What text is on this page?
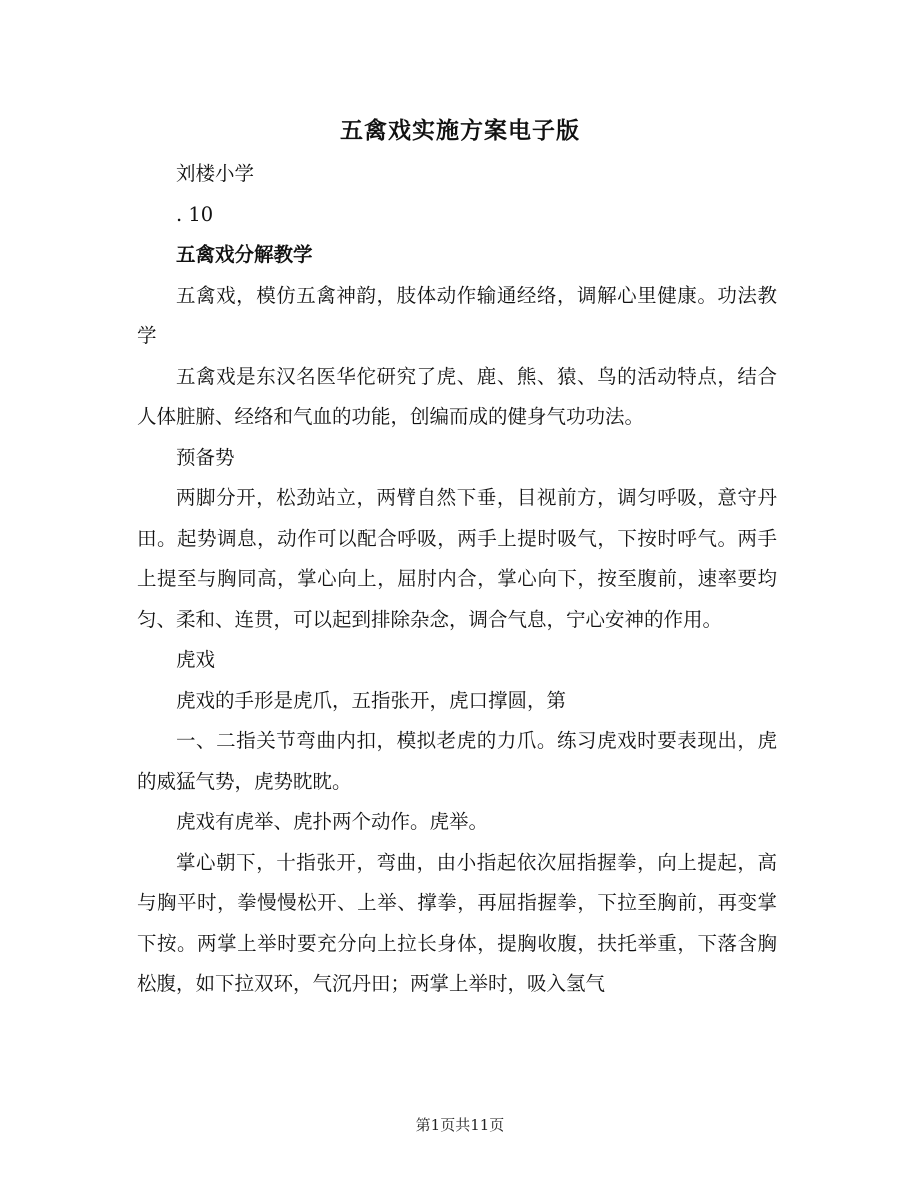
五禽戏实施方案电子版

刘楼小学

. 10

五禽戏分解教学

五禽戏，模仿五禽神韵，肢体动作输通经络，调解心里健康。功法教学

五禽戏是东汉名医华佗研究了虎、鹿、熊、猿、鸟的活动特点，结合人体脏腑、经络和气血的功能，创编而成的健身气功功法。

预备势

两脚分开，松劲站立，两臂自然下垂，目视前方，调匀呼吸，意守丹田。起势调息，动作可以配合呼吸，两手上提时吸气，下按时呼气。两手上提至与胸同高，掌心向上，屈肘内合，掌心向下，按至腹前，速率要均匀、柔和、连贯，可以起到排除杂念，调合气息，宁心安神的作用。

虎戏

虎戏的手形是虎爪，五指张开，虎口撑圆，第

一、二指关节弯曲内扣，模拟老虎的力爪。练习虎戏时要表现出，虎的威猛气势，虎势眈眈。

虎戏有虎举、虎扑两个动作。虎举。

掌心朝下，十指张开，弯曲，由小指起依次屈指握拳，向上提起，高与胸平时，拳慢慢松开、上举、撑拳，再屈指握拳，下拉至胸前，再变掌下按。两掌上举时要充分向上拉长身体，提胸收腹，扶托举重，下落含胸松腹，如下拉双环，气沉丹田；两掌上举时，吸入氢气

第1页共11页
